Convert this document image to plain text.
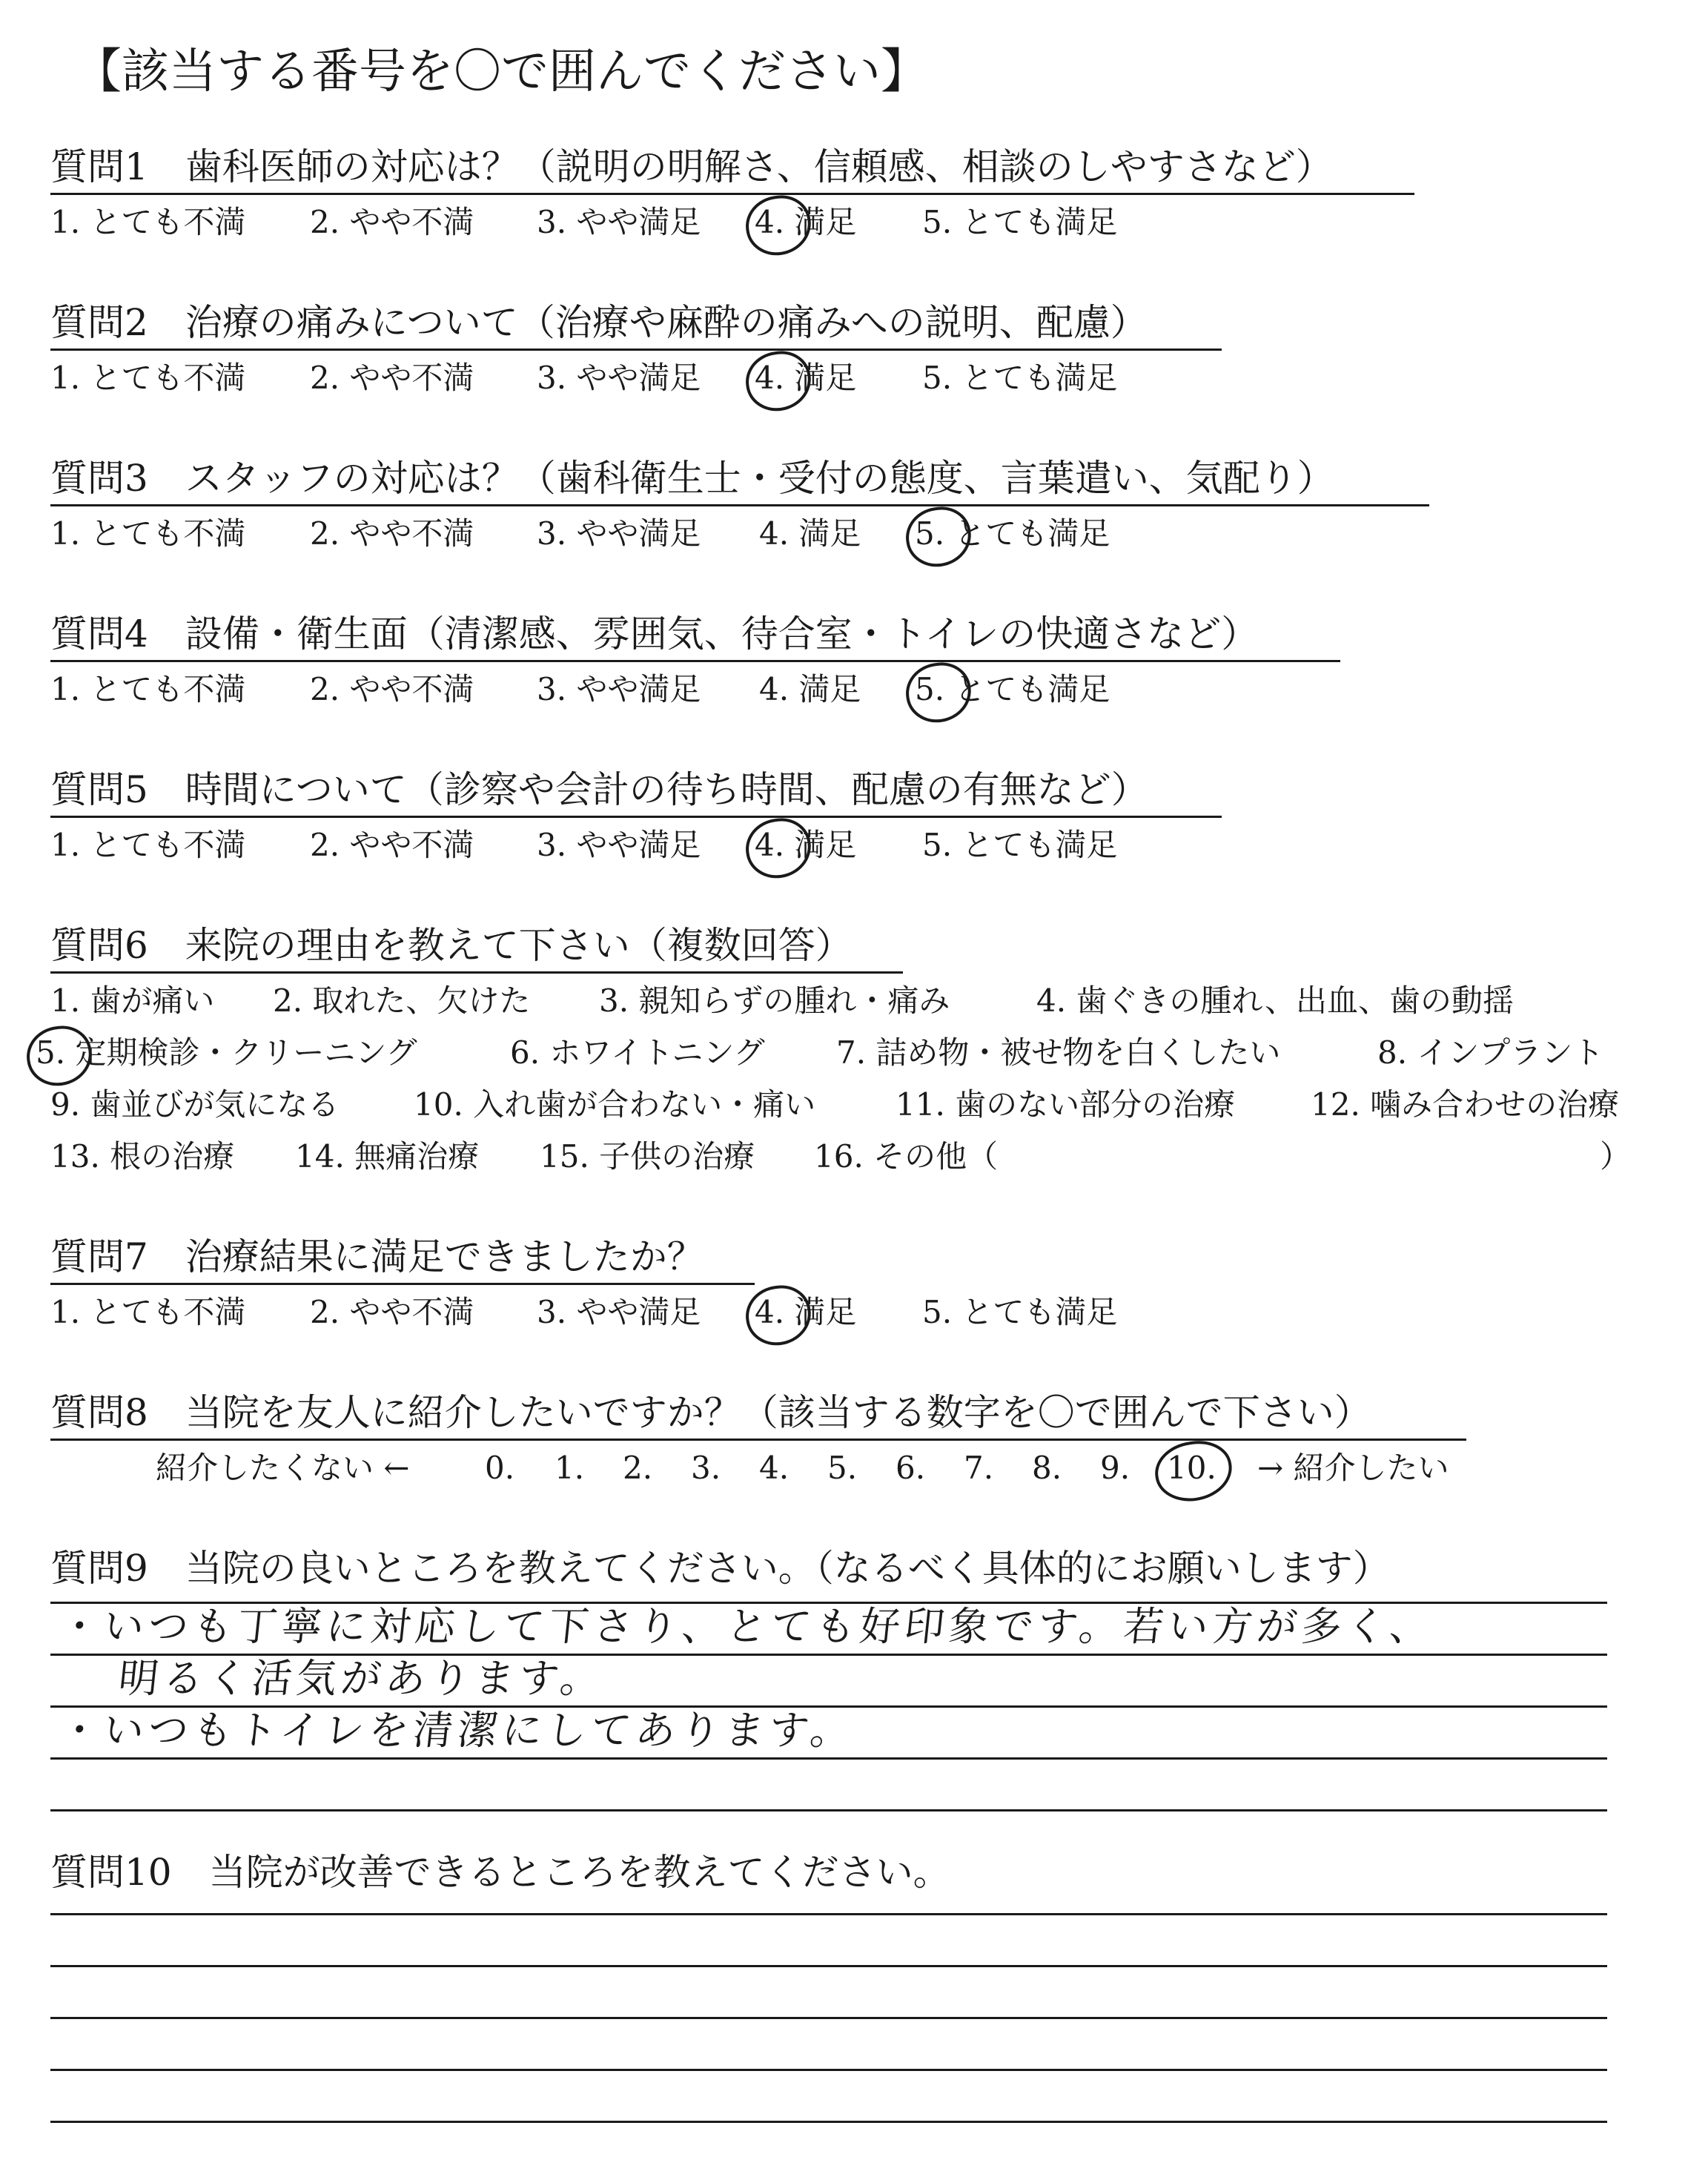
【該当する番号を〇で囲んでください】
質問1　歯科医師の対応は？（説明の明解さ、信頼感、相談のしやすさなど）
1. とても不満 2. やや不満 3. やや満足 4. 満足 5. とても満足
質問2　治療の痛みについて（治療や麻酔の痛みへの説明、配慮）
1. とても不満 2. やや不満 3. やや満足 4. 満足 5. とても満足
質問3　スタッフの対応は？（歯科衛生士・受付の態度、言葉遣い、気配り）
1. とても不満 2. やや不満 3. やや満足 4. 満足 5. とても満足
質問4　設備・衛生面（清潔感、雰囲気、待合室・トイレの快適さなど）
1. とても不満 2. やや不満 3. やや満足 4. 満足 5. とても満足
質問5　時間について（診察や会計の待ち時間、配慮の有無など）
1. とても不満 2. やや不満 3. やや満足 4. 満足 5. とても満足
質問6　来院の理由を教えて下さい（複数回答）
1. 歯が痛い 2. 取れた、欠けた 3. 親知らずの腫れ・痛み	4. 歯ぐきの腫れ、出血、歯の動揺
5. 定期検診・クリーニング	6. ホワイトニング 7. 詰め物・被せ物を白くしたい	8. インプラント
9. 歯並びが気になる 10. 入れ歯が合わない・痛い	11. 歯のない部分の治療 12. 噛み合わせの治療
13. 根の治療 14. 無痛治療 15. 子供の治療 16. その他（	）
質問7　治療結果に満足できましたか？
1. とても不満 2. やや不満 3. やや満足 4. 満足 5. とても満足
質問8　当院を友人に紹介したいですか？（該当する数字を〇で囲んで下さい）
紹介したくない ← 0. 1. 2. 3. 4. 5. 6. 7. 8. 9. 10. → 紹介したい
質問9　当院の良いところを教えてください。（なるべく具体的にお願いします）
・いつも丁寧に対応して下さり、とても好印象です。若い方が多く、
明るく活気があります。
・いつもトイレを清潔にしてあります。
質問10　当院が改善できるところを教えてください。
